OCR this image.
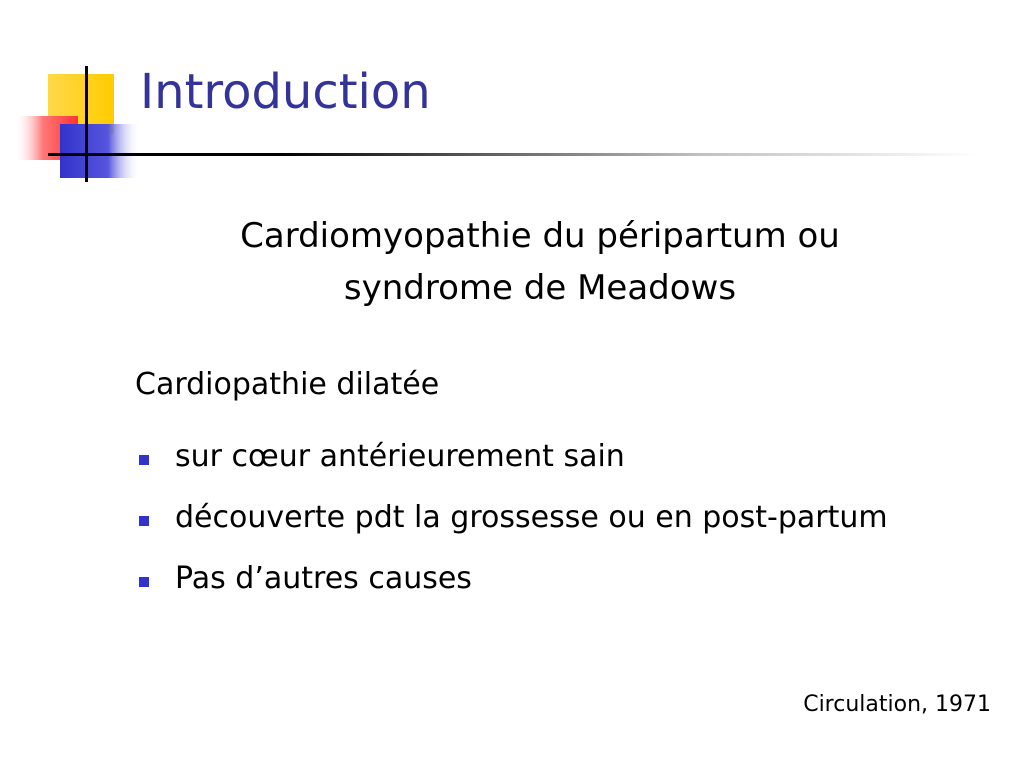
Introduction
Cardiomyopathie du péripartum ou
syndrome de Meadows
Cardiopathie dilatée
sur cœur antérieurement sain
découverte pdt la grossesse ou en post-partum
Pas d’autres causes
Circulation, 1971
